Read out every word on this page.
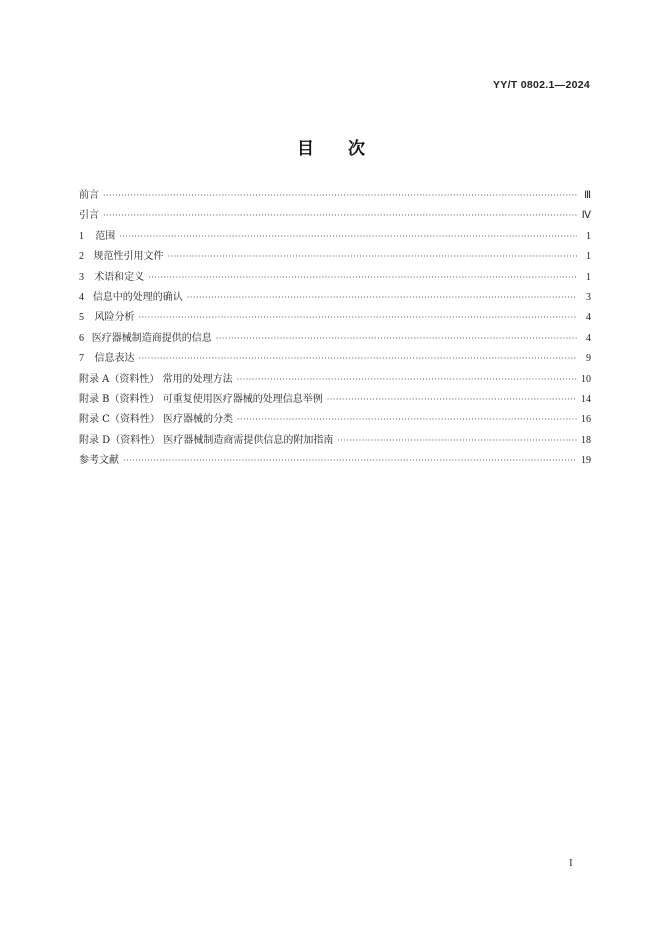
YY/T 0802.1—2024
目次
前言 ·····	Ⅲ
引言 ·····	Ⅳ
1	范围 ·····	1
2 规范性引用文件 ·····	1
3	术语和定义 ·····	1
4 信息中的处理的确认 ·····	3
5	风险分析 ·····	4
6 医疗器械制造商提供的信息 ·····	4
7	信息表达 ·····	9
附录 A（资料性） 常用的处理方法 ·····	10
附录 B（资料性） 可重复使用医疗器械的处理信息举例 ·····	14
附录 C（资料性） 医疗器械的分类 ·····	16
附录 D（资料性） 医疗器械制造商需提供信息的附加指南 ·····	18
参考文献 ·····	19
I
